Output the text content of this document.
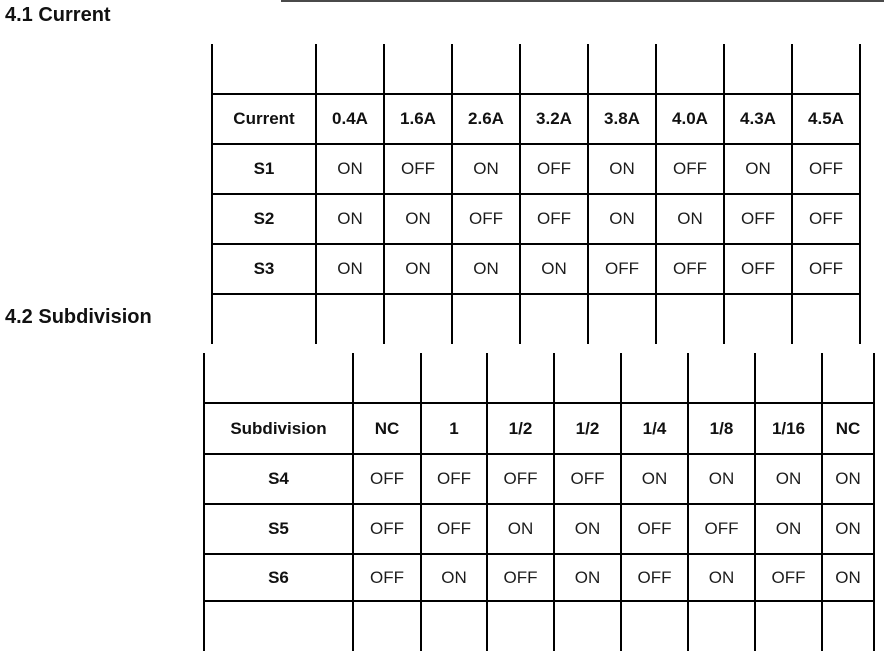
4.1 Current

Current	0.4A	1.6A	2.6A	3.2A	3.8A	4.0A	4.3A	4.5A
S1	ON	OFF	ON	OFF	ON	OFF	ON	OFF
S2	ON	ON	OFF	OFF	ON	ON	OFF	OFF
S3	ON	ON	ON	ON	OFF	OFF	OFF	OFF

4.2 Subdivision

Subdivision	NC	1	1/2	1/2	1/4	1/8	1/16	NC
S4	OFF	OFF	OFF	OFF	ON	ON	ON	ON
S5	OFF	OFF	ON	ON	OFF	OFF	ON	ON
S6	OFF	ON	OFF	ON	OFF	ON	OFF	ON
